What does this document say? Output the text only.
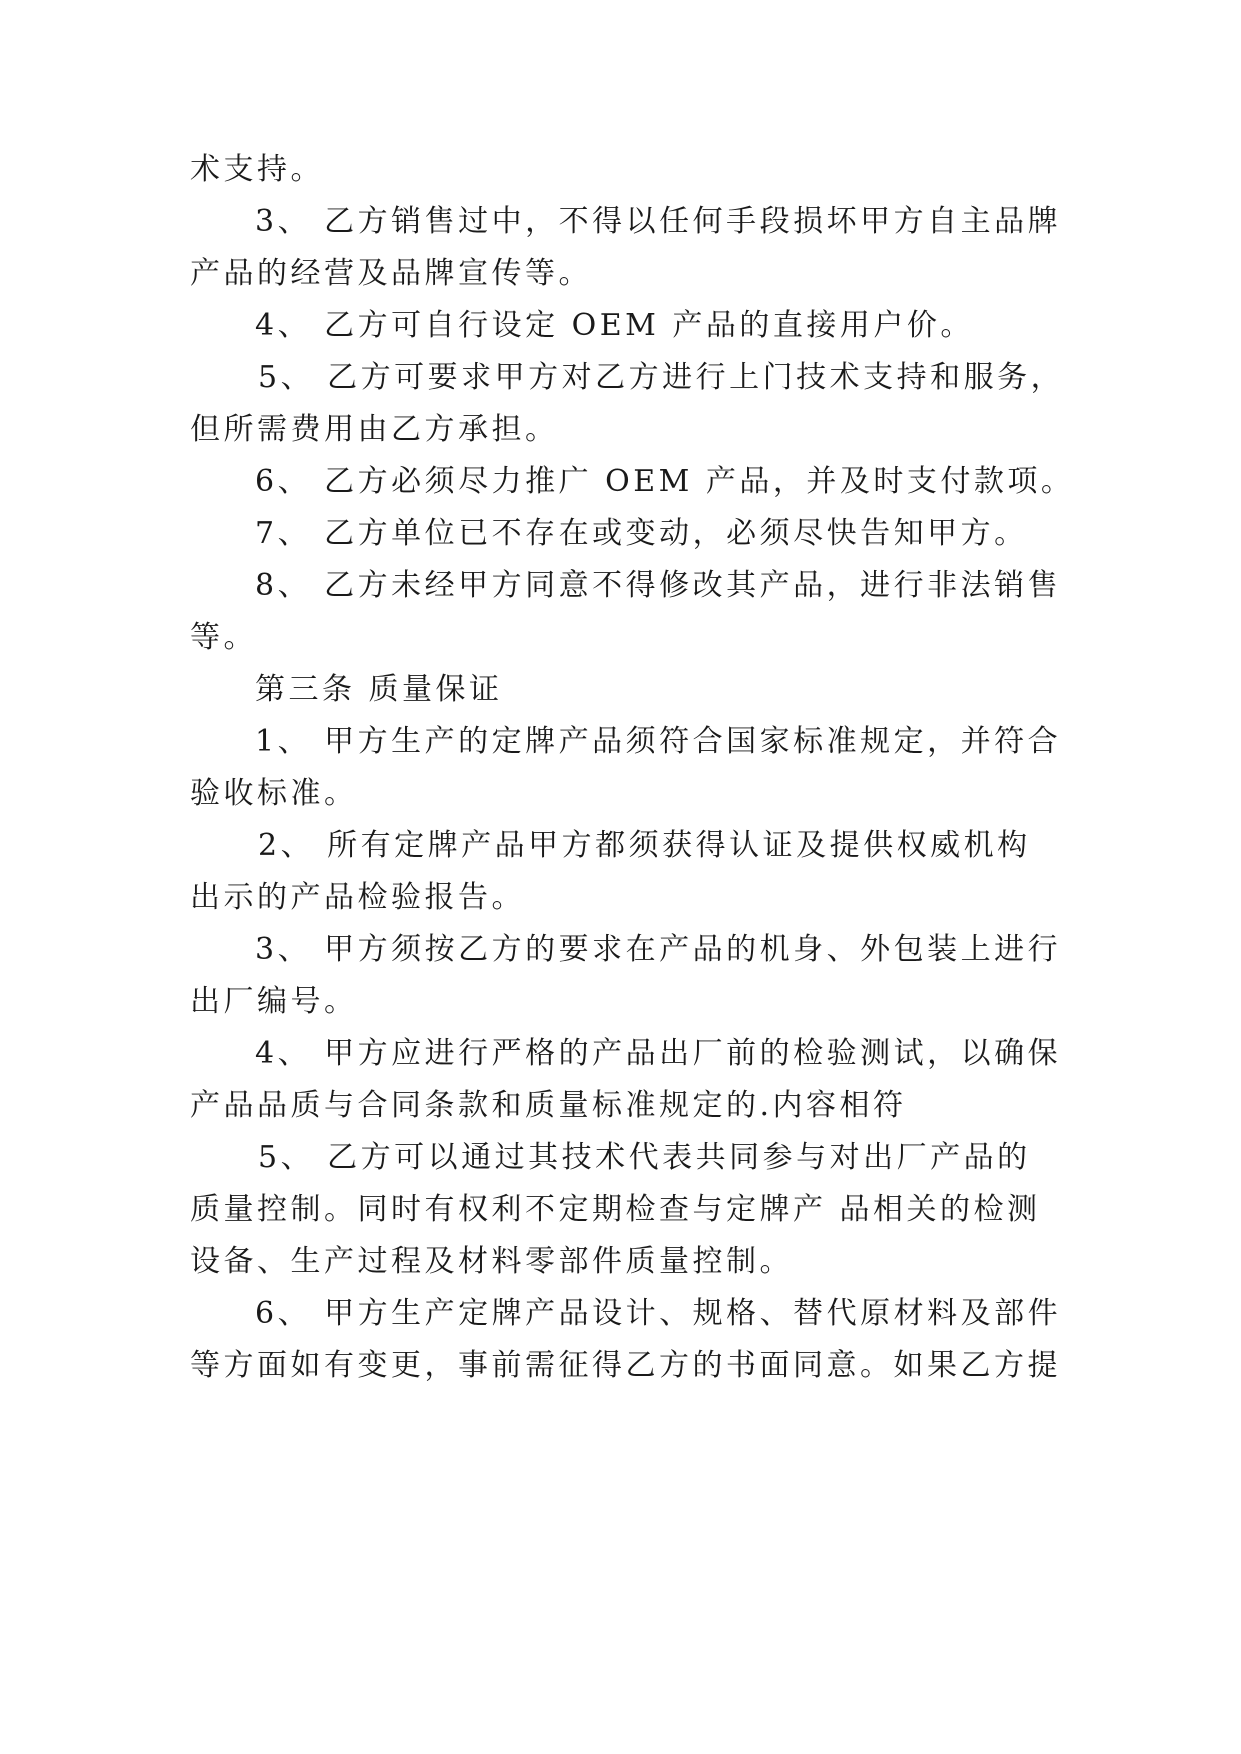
术支持。
3、 乙方销售过中，不得以任何手段损坏甲方自主品牌
产品的经营及品牌宣传等。
4、 乙方可自行设定 OEM 产品的直接用户价。
5、 乙方可要求甲方对乙方进行上门技术支持和服务，
但所需费用由乙方承担。
6、 乙方必须尽力推广 OEM 产品，并及时支付款项。
7、 乙方单位已不存在或变动，必须尽快告知甲方。
8、 乙方未经甲方同意不得修改其产品，进行非法销售
等。
第三条 质量保证
1、 甲方生产的定牌产品须符合国家标准规定，并符合
验收标准。
2、 所有定牌产品甲方都须获得认证及提供权威机构
出示的产品检验报告。
3、 甲方须按乙方的要求在产品的机身、外包装上进行
出厂编号。
4、 甲方应进行严格的产品出厂前的检验测试，以确保
产品品质与合同条款和质量标准规定的.内容相符
5、 乙方可以通过其技术代表共同参与对出厂产品的
质量控制。同时有权利不定期检查与定牌产 品相关的检测
设备、生产过程及材料零部件质量控制。
6、 甲方生产定牌产品设计、规格、替代原材料及部件
等方面如有变更，事前需征得乙方的书面同意。如果乙方提
